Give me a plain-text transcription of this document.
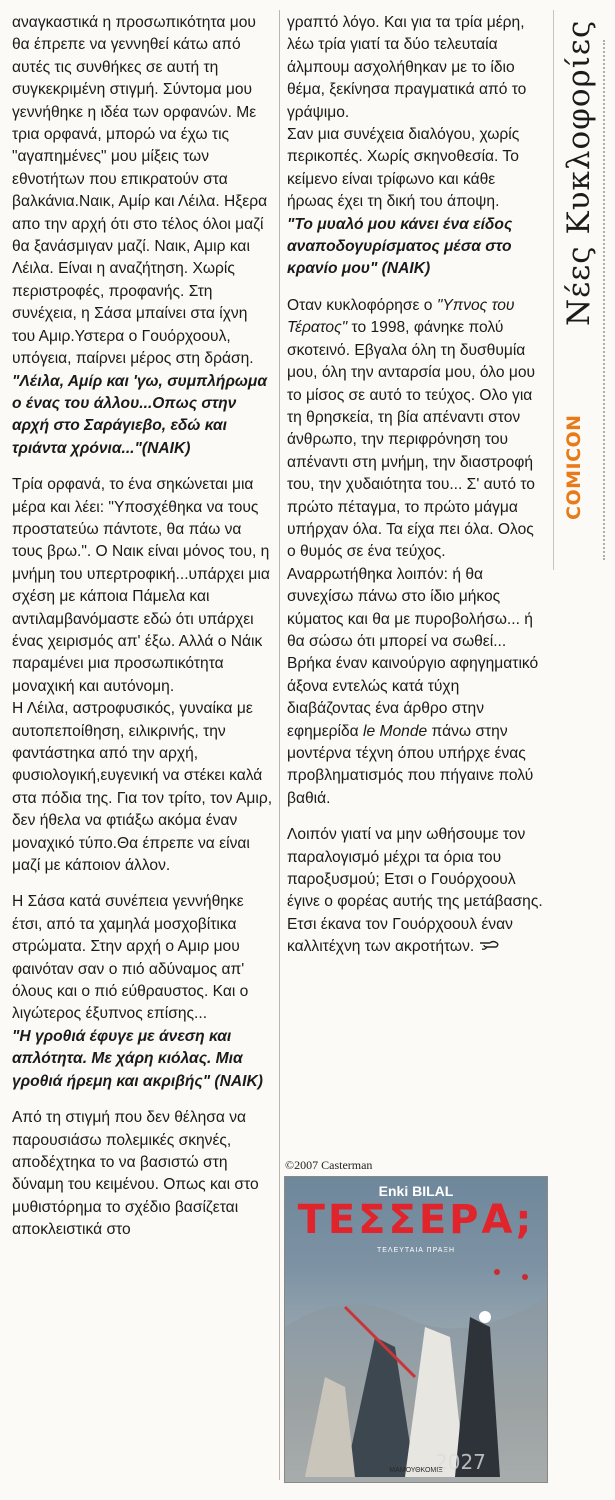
αναγκαστικά η προσωπικότητα μου θα έπρεπε να γεννηθεί κάτω από αυτές τις συνθήκες σε αυτή τη συγκεκριμένη στιγμή. Σύντομα μου γεννήθηκε η ιδέα των ορφανών. Με τρια ορφανά, μπορώ να έχω τις "αγαπημένες" μου μίξεις των εθνοτήτων που επικρατούν στα βαλκάνια.Ναικ, Αμίρ και Λέιλα. Ηξερα απο την αρχή ότι στο τέλος όλοι μαζί θα ξανάσμιγαν μαζί. Ναικ, Αμιρ και Λέιλα. Είναι η αναζήτηση. Χωρίς περιστροφές, προφανής. Στη συνέχεια, η Σάσα μπαίνει στα ίχνη του Αμιρ.Υστερα ο Γουόρχοουλ, υπόγεια, παίρνει μέρος στη δράση.

"Λέιλα, Αμίρ και 'γω, συμπλήρωμα ο ένας του άλλου...Οπως στην αρχή στο Σαράγιεβο, εδώ και τριάντα χρόνια..."(ΝΑΙΚ)

Τρία ορφανά, το ένα σηκώνεται μια μέρα και λέει: "Υποσχέθηκα να τους προστατεύω πάντοτε, θα πάω να τους βρω.". Ο Ναικ είναι μόνος του, η μνήμη του υπερτροφική...υπάρχει μια σχέση με κάποια Πάμελα και αντιλαμβανόμαστε εδώ ότι υπάρχει ένας χειρισμός απ' έξω. Αλλά ο Νάικ παραμένει μια προσωπικότητα μοναχική και αυτόνομη.

Η Λέιλα, αστροφυσικός, γυναίκα με αυτοπεποίθηση, ειλικρινής, την φαντάστηκα από την αρχή, φυσιολογική,ευγενική να στέκει καλά στα πόδια της. Για τον τρίτο, τον Αμιρ, δεν ήθελα να φτιάξω ακόμα έναν μοναχικό τύπο.Θα έπρεπε να είναι μαζί με κάποιον άλλον.

Η Σάσα κατά συνέπεια γεννήθηκε έτσι, από τα χαμηλά μοσχοβίτικα στρώματα. Στην αρχή ο Αμιρ μου φαινόταν σαν ο πιό αδύναμος απ' όλους και ο πιό εύθραυστος. Και ο λιγώτερος έξυπνος επίσης...

"Η γροθιά έφυγε με άνεση και απλότητα. Με χάρη κιόλας. Μια γροθιά ήρεμη και ακριβής" (ΝΑΙΚ)

Από τη στιγμή που δεν θέλησα να παρουσιάσω πολεμικές σκηνές, αποδέχτηκα το να βασιστώ στη δύναμη του κειμένου. Οπως και στο μυθιστόρημα το σχέδιο βασίζεται αποκλειστικά στο

γραπτό λόγο. Και για τα τρία μέρη, λέω τρία γιατί τα δύο τελευταία άλμπουμ ασχολήθηκαν με το ίδιο θέμα, ξεκίνησα πραγματικά από το γράψιμο.

Σαν μια συνέχεια διαλόγου, χωρίς περικοπές. Χωρίς σκηνοθεσία. Το κείμενο είναι τρίφωνο και κάθε ήρωας έχει τη δική του άποψη.

"Το μυαλό μου κάνει ένα είδος αναποδογυρίσματος μέσα στο κρανίο μου" (ΝΑΙΚ)

Οταν κυκλοφόρησε ο "Υπνος του Τέρατος" το 1998, φάνηκε πολύ σκοτεινό. Εβγαλα όλη τη δυσθυμία μου, όλη την ανταρσία μου, όλο μου το μίσος σε αυτό το τεύχος. Ολο για τη θρησκεία, τη βία απέναντι στον άνθρωπο, την περιφρόνηση του απέναντι στη μνήμη, την διαστροφή του, την χυδαιότητα του... Σ' αυτό το πρώτο πέταγμα, το πρώτο μάγμα υπήρχαν όλα. Τα είχα πει όλα. Ολος ο θυμός σε ένα τεύχος.

Αναρρωτήθηκα λοιπόν: ή θα συνεχίσω πάνω στο ίδιο μήκος κύματος και θα με πυροβολήσω... ή θα σώσω ότι μπορεί να σωθεί... Βρήκα έναν καινούργιο αφηγηματικό άξονα εντελώς κατά τύχη διαβάζοντας ένα άρθρο στην εφημερίδα le Monde πάνω στην μοντέρνα τέχνη όπου υπήρχε ένας προβληματισμός που πήγαινε πολύ βαθιά.

Λοιπόν γιατί να μην ωθήσουμε τον παραλογισμό μέχρι τα όρια του παροξυσμού; Ετσι ο Γουόρχοουλ έγινε ο φορέας αυτής της μετάβασης. Ετσι έκανα τον Γουόρχοουλ έναν καλλιτέχνη των ακροτήτων.

Νέες Κυκλοφορίες
COMICON
©2007 Casterman
2027
Enki BILAL
ΤΕΣΣΕΡΑ;
ΤΕΛΕΥΤΑΙΑ ΠΡΑΞΗ
ΜΑΜΟΥΘΚΟΜΙΞ
